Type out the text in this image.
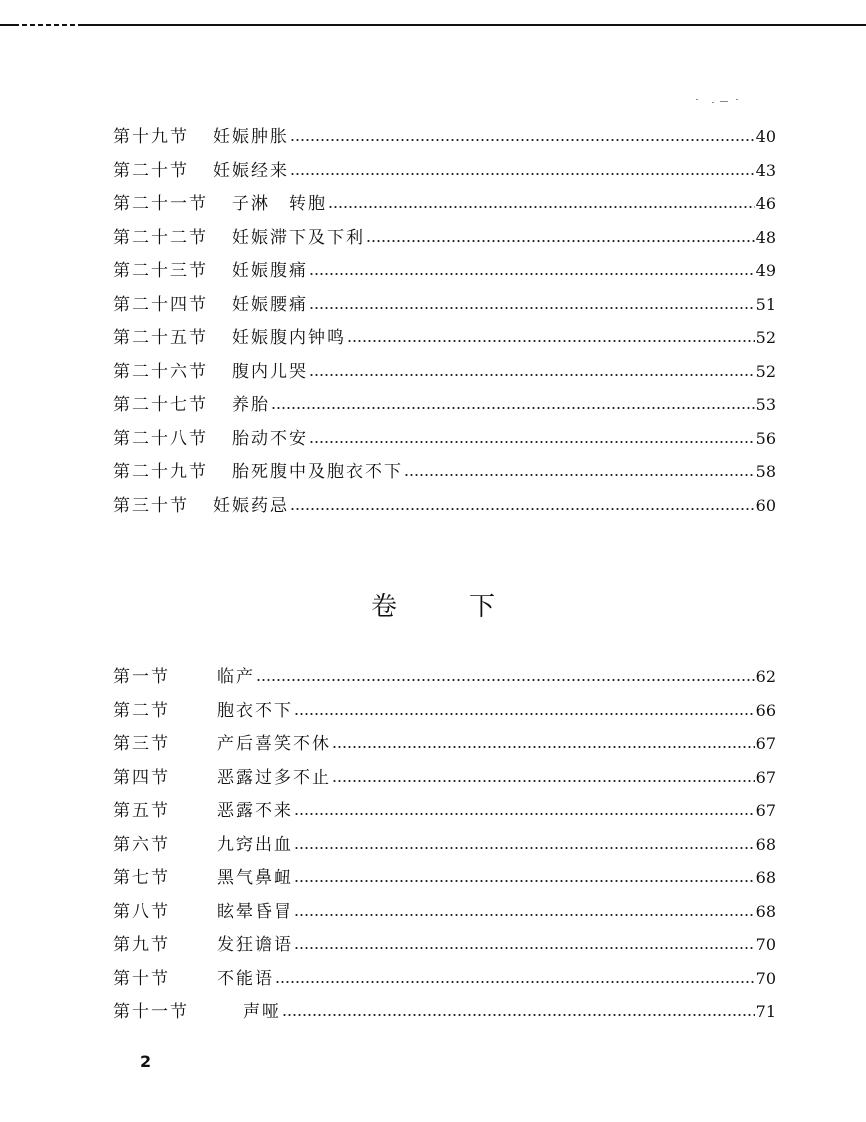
第十九节 妊娠肿胀	40
第二十节 妊娠经来	43
第二十一节 子淋　转胞	46
第二十二节 妊娠滞下及下利	48
第二十三节 妊娠腹痛	49
第二十四节 妊娠腰痛	51
第二十五节 妊娠腹内钟鸣	52
第二十六节 腹内儿哭	52
第二十七节 养胎	53
第二十八节 胎动不安	56
第二十九节 胎死腹中及胞衣不下	58
第三十节 妊娠药忌	60
卷	下
第一节	临产	62
第二节	胞衣不下	66
第三节	产后喜笑不休	67
第四节	恶露过多不止	67
第五节	恶露不来	67
第六节	九窍出血	68
第七节	黑气鼻衄	68
第八节	眩晕昏冒	68
第九节	发狂谵语	70
第十节	不能语	70
第十一节	声哑	71
2
